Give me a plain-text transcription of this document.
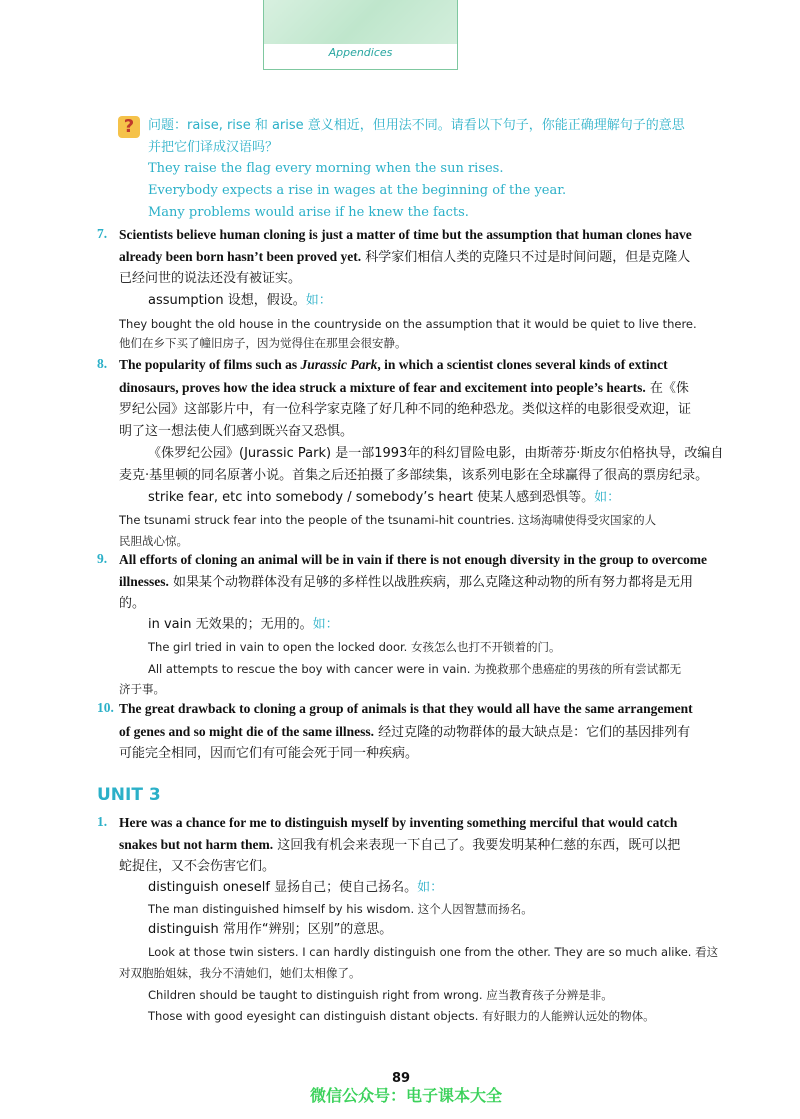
Appendices
?	问题：raise, rise 和 arise 意义相近，但用法不同。请看以下句子，你能正确理解句子的意思
并把它们译成汉语吗？
They raise the flag every morning when the sun rises.
Everybody expects a rise in wages at the beginning of the year.
Many problems would arise if he knew the facts.
7. Scientists believe human cloning is just a matter of time but the assumption that human clones have
already been born hasn’t been proved yet. 科学家们相信人类的克隆只不过是时间问题，但是克隆人
已经问世的说法还没有被证实。
assumption 设想，假设。如：
They bought the old house in the countryside on the assumption that it would be quiet to live there.
他们在乡下买了幢旧房子，因为觉得住在那里会很安静。
8. The popularity of films such as Jurassic Park, in which a scientist clones several kinds of extinct
dinosaurs, proves how the idea struck a mixture of fear and excitement into people’s hearts. 在《侏
罗纪公园》这部影片中，有一位科学家克隆了好几种不同的绝种恐龙。类似这样的电影很受欢迎，证
明了这一想法使人们感到既兴奋又恐惧。
《侏罗纪公园》(Jurassic Park) 是一部1993年的科幻冒险电影，由斯蒂芬·斯皮尔伯格执导，改编自
麦克·基里顿的同名原著小说。首集之后还拍摄了多部续集，该系列电影在全球赢得了很高的票房纪录。
strike fear, etc into somebody / somebody’s heart 使某人感到恐惧等。如：
The tsunami struck fear into the people of the tsunami-hit countries. 这场海啸使得受灾国家的人
民胆战心惊。
9. All efforts of cloning an animal will be in vain if there is not enough diversity in the group to overcome
illnesses. 如果某个动物群体没有足够的多样性以战胜疾病，那么克隆这种动物的所有努力都将是无用
的。
in vain 无效果的；无用的。如：
The girl tried in vain to open the locked door. 女孩怎么也打不开锁着的门。
All attempts to rescue the boy with cancer were in vain. 为挽救那个患癌症的男孩的所有尝试都无
济于事。
10. The great drawback to cloning a group of animals is that they would all have the same arrangement
of genes and so might die of the same illness. 经过克隆的动物群体的最大缺点是：它们的基因排列有
可能完全相同，因而它们有可能会死于同一种疾病。
UNIT 3
1. Here was a chance for me to distinguish myself by inventing something merciful that would catch
snakes but not harm them. 这回我有机会来表现一下自己了。我要发明某种仁慈的东西，既可以把
蛇捉住，又不会伤害它们。
distinguish oneself 显扬自己；使自己扬名。如：
The man distinguished himself by his wisdom. 这个人因智慧而扬名。
distinguish 常用作“辨别；区别”的意思。
Look at those twin sisters. I can hardly distinguish one from the other. They are so much alike. 看这
对双胞胎姐妹，我分不清她们，她们太相像了。
Children should be taught to distinguish right from wrong. 应当教育孩子分辨是非。
Those with good eyesight can distinguish distant objects. 有好眼力的人能辨认远处的物体。
89
微信公众号：电子课本大全
